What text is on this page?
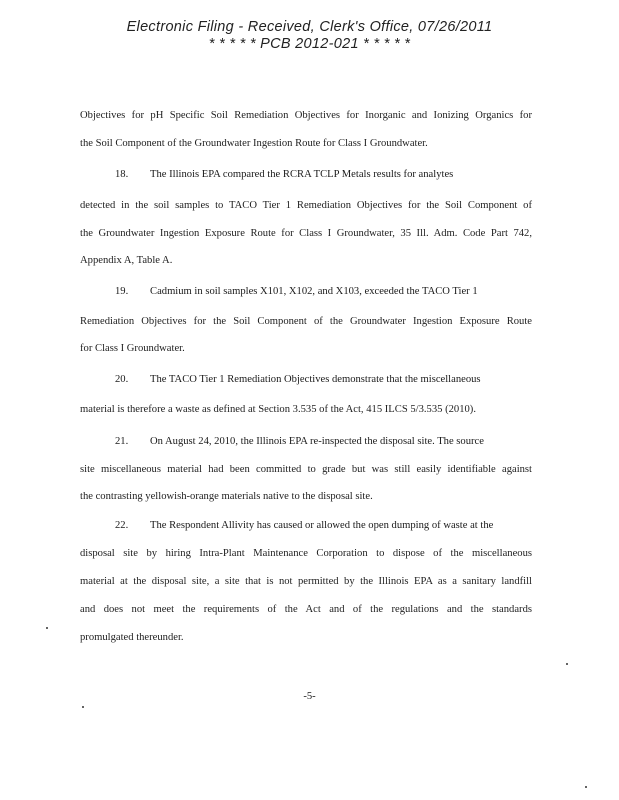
Electronic Filing - Received, Clerk's Office, 07/26/2011
* * * * * PCB 2012-021 * * * * *
Objectives for pH Specific Soil Remediation Objectives for Inorganic and Ionizing Organics for
the Soil Component of the Groundwater Ingestion Route for Class I Groundwater.
18. The Illinois EPA compared the RCRA TCLP Metals results for analytes
detected in the soil samples to TACO Tier 1 Remediation Objectives for the Soil Component of
the Groundwater Ingestion Exposure Route for Class I Groundwater, 35 Ill. Adm. Code Part 742,
Appendix A, Table A.
19. Cadmium in soil samples X101, X102, and X103, exceeded the TACO Tier 1
Remediation Objectives for the Soil Component of the Groundwater Ingestion Exposure Route
for Class I Groundwater.
20. The TACO Tier 1 Remediation Objectives demonstrate that the miscellaneous
material is therefore a waste as defined at Section 3.535 of the Act, 415 ILCS 5/3.535 (2010).
21. On August 24, 2010, the Illinois EPA re-inspected the disposal site. The source
site miscellaneous material had been committed to grade but was still easily identifiable against
the contrasting yellowish-orange materials native to the disposal site.
22. The Respondent Allivity has caused or allowed the open dumping of waste at the
disposal site by hiring Intra-Plant Maintenance Corporation to dispose of the miscellaneous
material at the disposal site, a site that is not permitted by the Illinois EPA as a sanitary landfill
and does not meet the requirements of the Act and of the regulations and the standards
promulgated thereunder.
-5-
